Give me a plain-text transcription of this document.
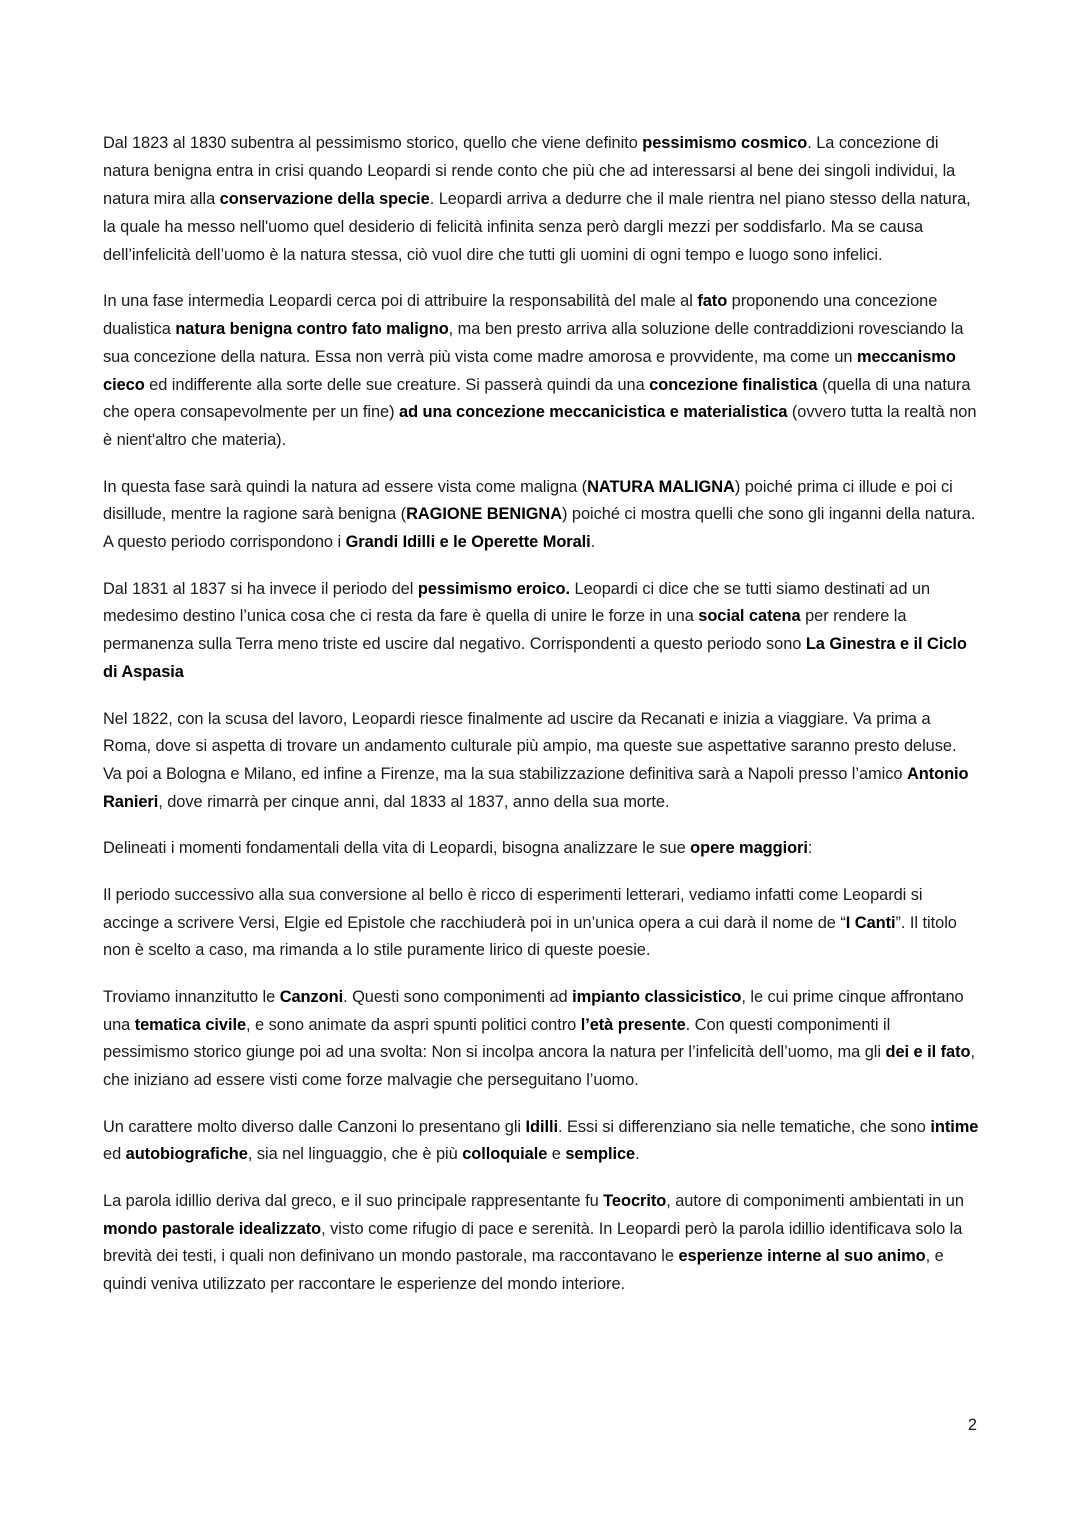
Dal 1823 al 1830 subentra al pessimismo storico, quello che viene definito pessimismo cosmico. La concezione di natura benigna entra in crisi quando Leopardi si rende conto che più che ad interessarsi al bene dei singoli individui, la natura mira alla conservazione della specie. Leopardi arriva a dedurre che il male rientra nel piano stesso della natura, la quale ha messo nell'uomo quel desiderio di felicità infinita senza però dargli mezzi per soddisfarlo. Ma se causa dell’infelicità dell’uomo è la natura stessa, ciò vuol dire che tutti gli uomini di ogni tempo e luogo sono infelici.

In una fase intermedia Leopardi cerca poi di attribuire la responsabilità del male al fato proponendo una concezione dualistica natura benigna contro fato maligno, ma ben presto arriva alla soluzione delle contraddizioni rovesciando la sua concezione della natura. Essa non verrà più vista come madre amorosa e provvidente, ma come un meccanismo cieco ed indifferente alla sorte delle sue creature. Si passerà quindi da una concezione finalistica (quella di una natura che opera consapevolmente per un fine) ad una concezione meccanicistica e materialistica (ovvero tutta la realtà non è nient'altro che materia).

In questa fase sarà quindi la natura ad essere vista come maligna (NATURA MALIGNA) poiché prima ci illude e poi ci disillude, mentre la ragione sarà benigna (RAGIONE BENIGNA) poiché ci mostra quelli che sono gli inganni della natura. A questo periodo corrispondono i Grandi Idilli e le Operette Morali.

Dal 1831 al 1837 si ha invece il periodo del pessimismo eroico. Leopardi ci dice che se tutti siamo destinati ad un medesimo destino l’unica cosa che ci resta da fare è quella di unire le forze in una social catena per rendere la permanenza sulla Terra meno triste ed uscire dal negativo. Corrispondenti a questo periodo sono La Ginestra e il Ciclo di Aspasia

Nel 1822, con la scusa del lavoro, Leopardi riesce finalmente ad uscire da Recanati e inizia a viaggiare. Va prima a Roma, dove si aspetta di trovare un andamento culturale più ampio, ma queste sue aspettative saranno presto deluse. Va poi a Bologna e Milano, ed infine a Firenze, ma la sua stabilizzazione definitiva sarà a Napoli presso l’amico Antonio Ranieri, dove rimarrà per cinque anni, dal 1833 al 1837, anno della sua morte.

Delineati i momenti fondamentali della vita di Leopardi, bisogna analizzare le sue opere maggiori:

Il periodo successivo alla sua conversione al bello è ricco di esperimenti letterari, vediamo infatti come Leopardi si accinge a scrivere Versi, Elgie ed Epistole che racchiuderà poi in un’unica opera a cui darà il nome de “I Canti”. Il titolo non è scelto a caso, ma rimanda a lo stile puramente lirico di queste poesie.

Troviamo innanzitutto le Canzoni. Questi sono componimenti ad impianto classicistico, le cui prime cinque affrontano una tematica civile, e sono animate da aspri spunti politici contro l’età presente. Con questi componimenti il pessimismo storico giunge poi ad una svolta: Non si incolpa ancora la natura per l’infelicità dell’uomo, ma gli dei e il fato, che iniziano ad essere visti come forze malvagie che perseguitano l’uomo.

Un carattere molto diverso dalle Canzoni lo presentano gli Idilli. Essi si differenziano sia nelle tematiche, che sono intime ed autobiografiche, sia nel linguaggio, che è più colloquiale e semplice.

La parola idillio deriva dal greco, e il suo principale rappresentante fu Teocrito, autore di componimenti ambientati in un mondo pastorale idealizzato, visto come rifugio di pace e serenità. In Leopardi però la parola idillio identificava solo la brevità dei testi, i quali non definivano un mondo pastorale, ma raccontavano le esperienze interne al suo animo, e quindi veniva utilizzato per raccontare le esperienze del mondo interiore.

2
